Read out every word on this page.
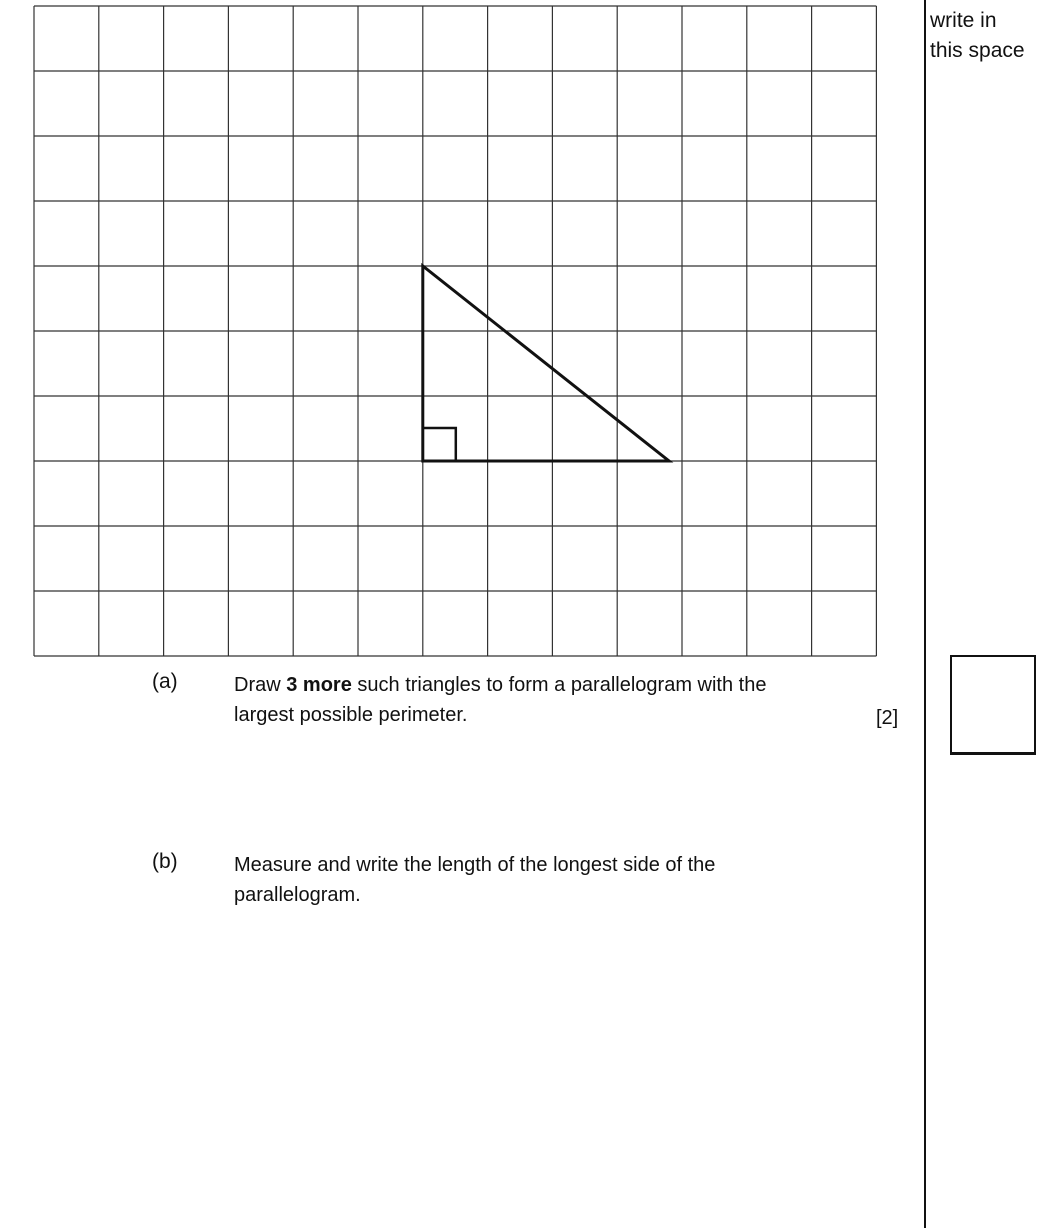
write in
this space
(a)	Draw 3 more such triangles to form a parallelogram with the
largest possible perimeter.	[2]
(b)	Measure and write the length of the longest side of the
parallelogram.
